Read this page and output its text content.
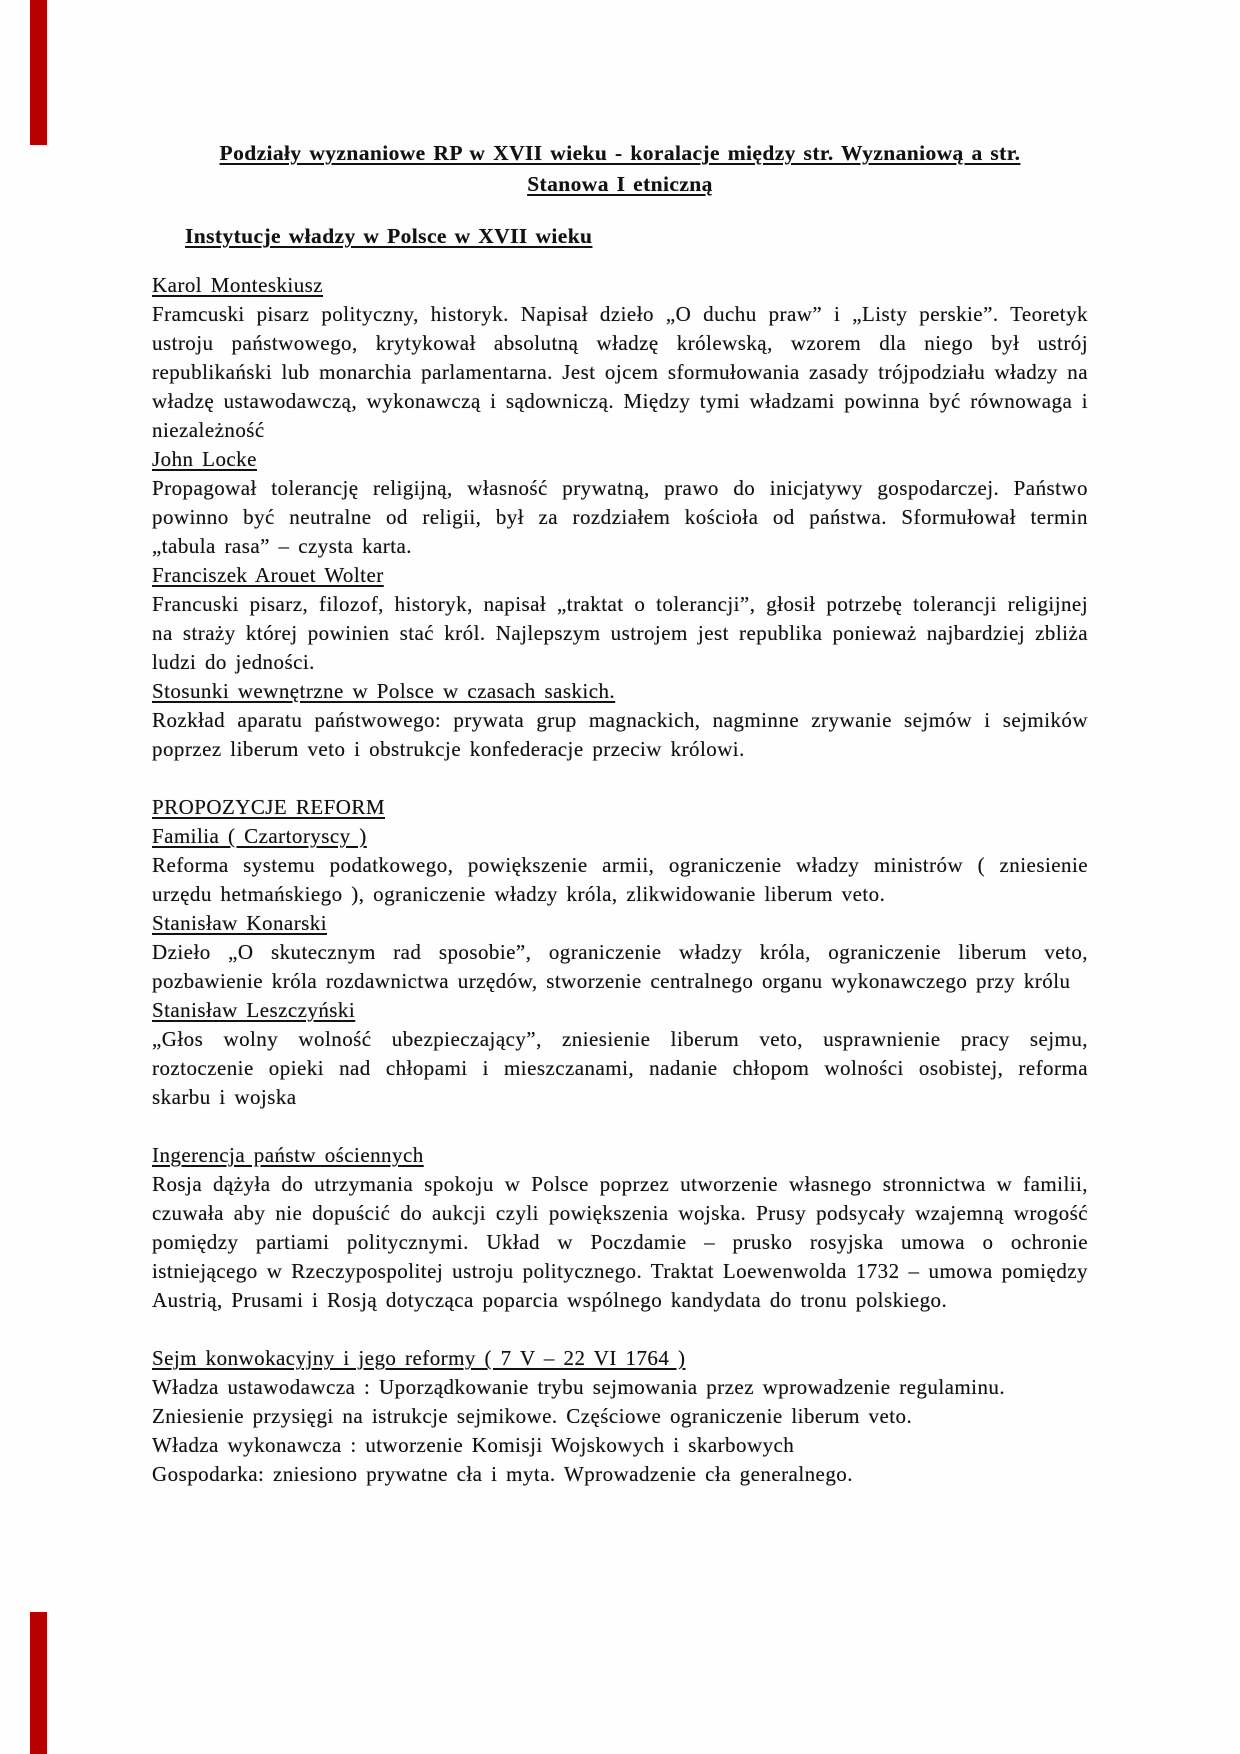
Podziały wyznaniowe RP w XVII wieku - koralacje między str. Wyznaniową a str.
Stanowa I etniczną
Instytucje władzy w Polsce w XVII wieku
Karol Monteskiusz
Framcuski pisarz polityczny, historyk. Napisał dzieło „O duchu praw” i „Listy perskie”. Teoretyk ustroju państwowego, krytykował absolutną władzę królewską, wzorem dla niego był ustrój republikański lub monarchia parlamentarna. Jest ojcem sformułowania zasady trójpodziału władzy na władzę ustawodawczą, wykonawczą i sądowniczą. Między tymi władzami powinna być równowaga i niezależność
John Locke
Propagował tolerancję religijną, własność prywatną, prawo do inicjatywy gospodarczej. Państwo powinno być neutralne od religii, był za rozdziałem kościoła od państwa. Sformułował termin „tabula rasa” – czysta karta.
Franciszek Arouet Wolter
Francuski pisarz, filozof, historyk, napisał „traktat o tolerancji”, głosił potrzebę tolerancji religijnej na straży której powinien stać król. Najlepszym ustrojem jest republika ponieważ najbardziej zbliża ludzi do jedności.
Stosunki wewnętrzne w Polsce w czasach saskich.
Rozkład aparatu państwowego: prywata grup magnackich, nagminne zrywanie sejmów i sejmików poprzez liberum veto i obstrukcje konfederacje przeciw królowi.
PROPOZYCJE REFORM
Familia ( Czartoryscy )
Reforma systemu podatkowego, powiększenie armii, ograniczenie władzy ministrów ( zniesienie urzędu hetmańskiego ), ograniczenie władzy króla, zlikwidowanie liberum veto.
Stanisław Konarski
Dzieło „O skutecznym rad sposobie”, ograniczenie władzy króla, ograniczenie liberum veto, pozbawienie króla rozdawnictwa urzędów, stworzenie centralnego organu wykonawczego przy królu
Stanisław Leszczyński
„Głos wolny wolność ubezpieczający”, zniesienie liberum veto, usprawnienie pracy sejmu, roztoczenie opieki nad chłopami i mieszczanami, nadanie chłopom wolności osobistej, reforma skarbu i wojska
Ingerencja państw ościennych
Rosja dążyła do utrzymania spokoju w Polsce poprzez utworzenie własnego stronnictwa w familii, czuwała aby nie dopuścić do aukcji czyli powiększenia wojska. Prusy podsycały wzajemną wrogość pomiędzy partiami politycznymi. Układ w Poczdamie – prusko rosyjska umowa o ochronie istniejącego w Rzeczypospolitej ustroju politycznego. Traktat Loewenwolda 1732 – umowa pomiędzy Austrią, Prusami i Rosją dotycząca poparcia wspólnego kandydata do tronu polskiego.
Sejm konwokacyjny i jego reformy ( 7 V – 22 VI 1764 )
Władza ustawodawcza : Uporządkowanie trybu sejmowania przez wprowadzenie regulaminu.
Zniesienie przysięgi na istrukcje sejmikowe. Częściowe ograniczenie liberum veto.
Władza wykonawcza : utworzenie Komisji Wojskowych i skarbowych
Gospodarka: zniesiono prywatne cła i myta. Wprowadzenie cła generalnego.
